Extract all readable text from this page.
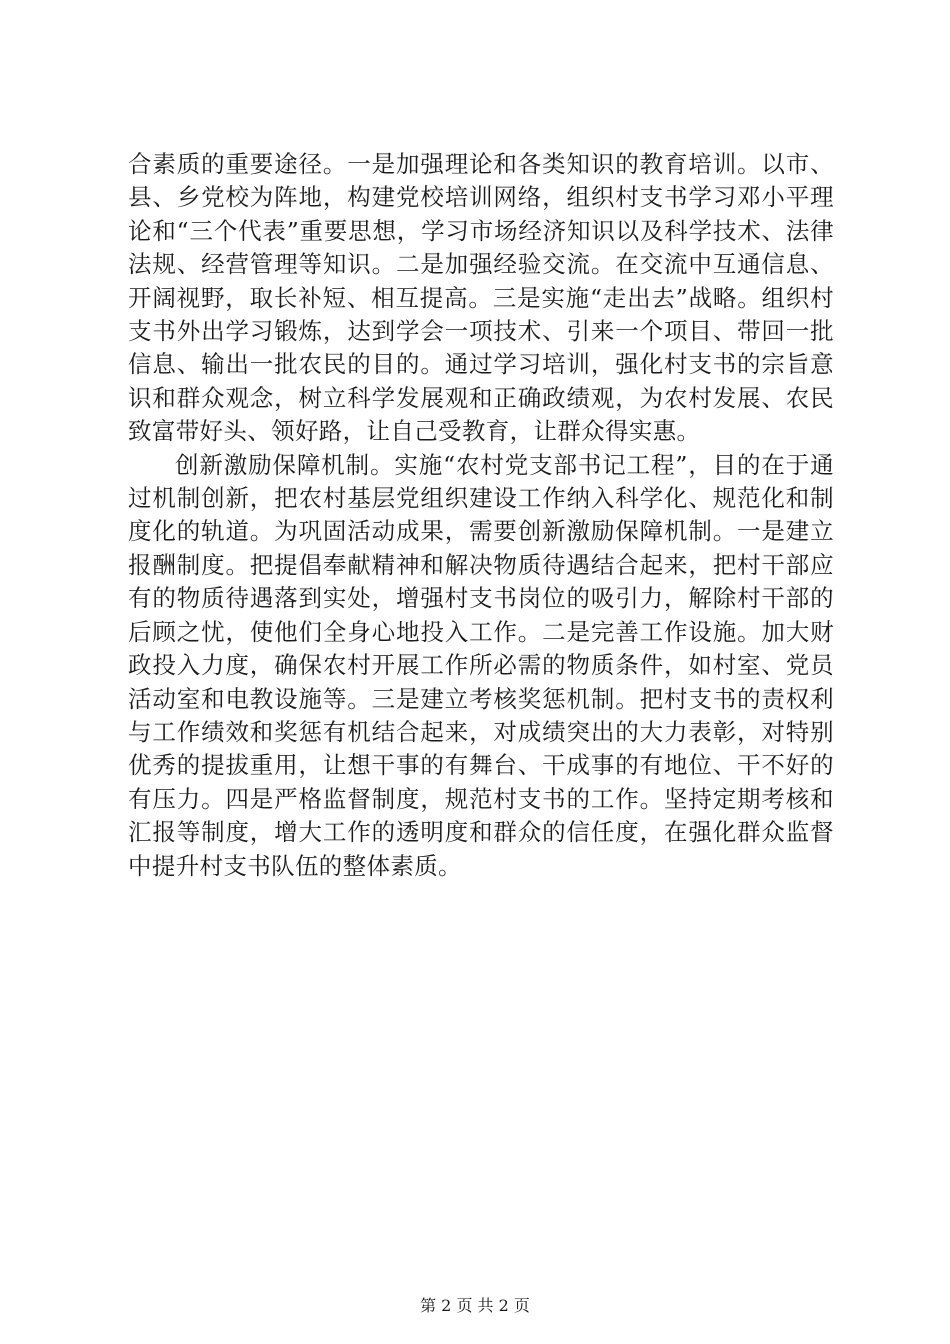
合素质的重要途径。一是加强理论和各类知识的教育培训。以市、县、乡党校为阵地，构建党校培训网络，组织村支书学习邓小平理论和“三个代表”重要思想，学习市场经济知识以及科学技术、法律法规、经营管理等知识。二是加强经验交流。在交流中互通信息、开阔视野，取长补短、相互提高。三是实施“走出去”战略。组织村支书外出学习锻炼，达到学会一项技术、引来一个项目、带回一批信息、输出一批农民的目的。通过学习培训，强化村支书的宗旨意识和群众观念，树立科学发展观和正确政绩观，为农村发展、农民致富带好头、领好路，让自己受教育，让群众得实惠。

创新激励保障机制。实施“农村党支部书记工程”，目的在于通过机制创新，把农村基层党组织建设工作纳入科学化、规范化和制度化的轨道。为巩固活动成果，需要创新激励保障机制。一是建立报酬制度。把提倡奉献精神和解决物质待遇结合起来，把村干部应有的物质待遇落到实处，增强村支书岗位的吸引力，解除村干部的后顾之忧，使他们全身心地投入工作。二是完善工作设施。加大财政投入力度，确保农村开展工作所必需的物质条件，如村室、党员活动室和电教设施等。三是建立考核奖惩机制。把村支书的责权利与工作绩效和奖惩有机结合起来，对成绩突出的大力表彰，对特别优秀的提拔重用，让想干事的有舞台、干成事的有地位、干不好的有压力。四是严格监督制度，规范村支书的工作。坚持定期考核和汇报等制度，增大工作的透明度和群众的信任度，在强化群众监督中提升村支书队伍的整体素质。

第 2 页 共 2 页
